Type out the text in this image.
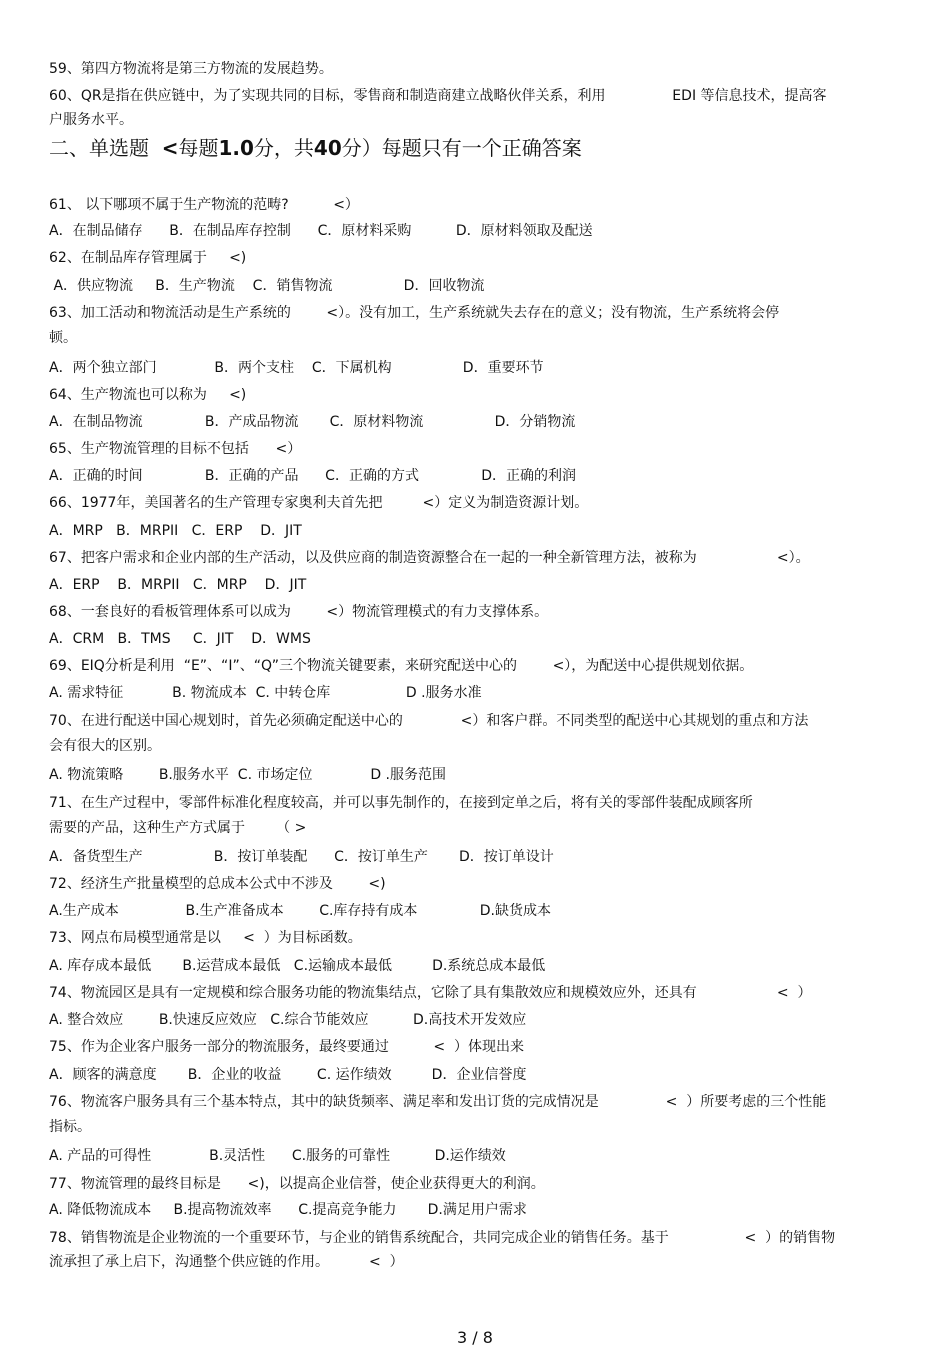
59、第四方物流将是第三方物流的发展趋势。
60、QR是指在供应链中，为了实现共同的目标，零售商和制造商建立战略伙伴关系，利用               EDI 等信息技术，提高客
户服务水平。
二、单选题  <每题1.0分，共40分）每题只有一个正确答案
61、 以下哪项不属于生产物流的范畴?          <）
A．在制品储存      B．在制品库存控制      C．原材料采购          D．原材料领取及配送
62、在制品库存管理属于     <)
A．供应物流     B．生产物流    C．销售物流                D．回收物流
63、加工活动和物流活动是生产系统的        <）。没有加工，生产系统就失去存在的意义；没有物流，生产系统将会停
顿。
A．两个独立部门             B．两个支柱    C．下属机构                D．重要环节
64、生产物流也可以称为     <)
A．在制品物流              B．产成品物流       C．原材料物流                D．分销物流
65、生产物流管理的目标不包括      <）
A．正确的时间              B．正确的产品      C．正确的方式              D．正确的利润
66、1977年，美国著名的生产管理专家奥利夫首先把         <）定义为制造资源计划。
A．MRP   B．MRPII   C．ERP    D．JIT
67、把客户需求和企业内部的生产活动，以及供应商的制造资源整合在一起的一种全新管理方法，被称为                  <）。
A．ERP    B．MRPII   C．MRP    D．JIT
68、一套良好的看板管理体系可以成为        <）物流管理模式的有力支撑体系。
A．CRM   B．TMS     C．JIT    D．WMS
69、EIQ分析是利用  “E”、“I”、“Q”三个物流关键要素，来研究配送中心的        <），为配送中心提供规划依据。
A. 需求特征           B. 物流成本  C. 中转仓库                 D .服务水准
70、在进行配送中国心规划时，首先必须确定配送中心的             <）和客户群。不同类型的配送中心其规划的重点和方法
会有很大的区别。
A. 物流策略        B.服务水平  C. 市场定位             D .服务范围
71、在生产过程中，零部件标准化程度较高，并可以事先制作的，在接到定单之后，将有关的零部件装配成顾客所
需要的产品，这种生产方式属于       （ >
A．备货型生产                B．按订单装配      C．按订单生产       D．按订单设计
72、经济生产批量模型的总成本公式中不涉及        <)
A.生产成本               B.生产准备成本        C.库存持有成本              D.缺货成本
73、网点布局模型通常是以     <  ）为目标函数。
A. 库存成本最低       B.运营成本最低   C.运输成本最低         D.系统总成本最低
74、物流园区是具有一定规模和综合服务功能的物流集结点，它除了具有集散效应和规模效应外，还具有                  <  ）
A. 整合效应        B.快速反应效应   C.综合节能效应          D.高技术开发效应
75、作为企业客户服务一部分的物流服务，最终要通过          <  ）体现出来
A．顾客的满意度       B．企业的收益        C. 运作绩效         D．企业信誉度
76、物流客户服务具有三个基本特点，其中的缺货频率、满足率和发出订货的完成情况是               <  ）所要考虑的三个性能
指标。
A. 产品的可得性             B.灵活性      C.服务的可靠性          D.运作绩效
77、物流管理的最终目标是      <)，以提高企业信誉，使企业获得更大的利润。
A. 降低物流成本     B.提高物流效率      C.提高竞争能力       D.满足用户需求
78、销售物流是企业物流的一个重要环节，与企业的销售系统配合，共同完成企业的销售任务。基于                 <  ）的销售物
流承担了承上启下，沟通整个供应链的作用。         <  ）
3 / 8
